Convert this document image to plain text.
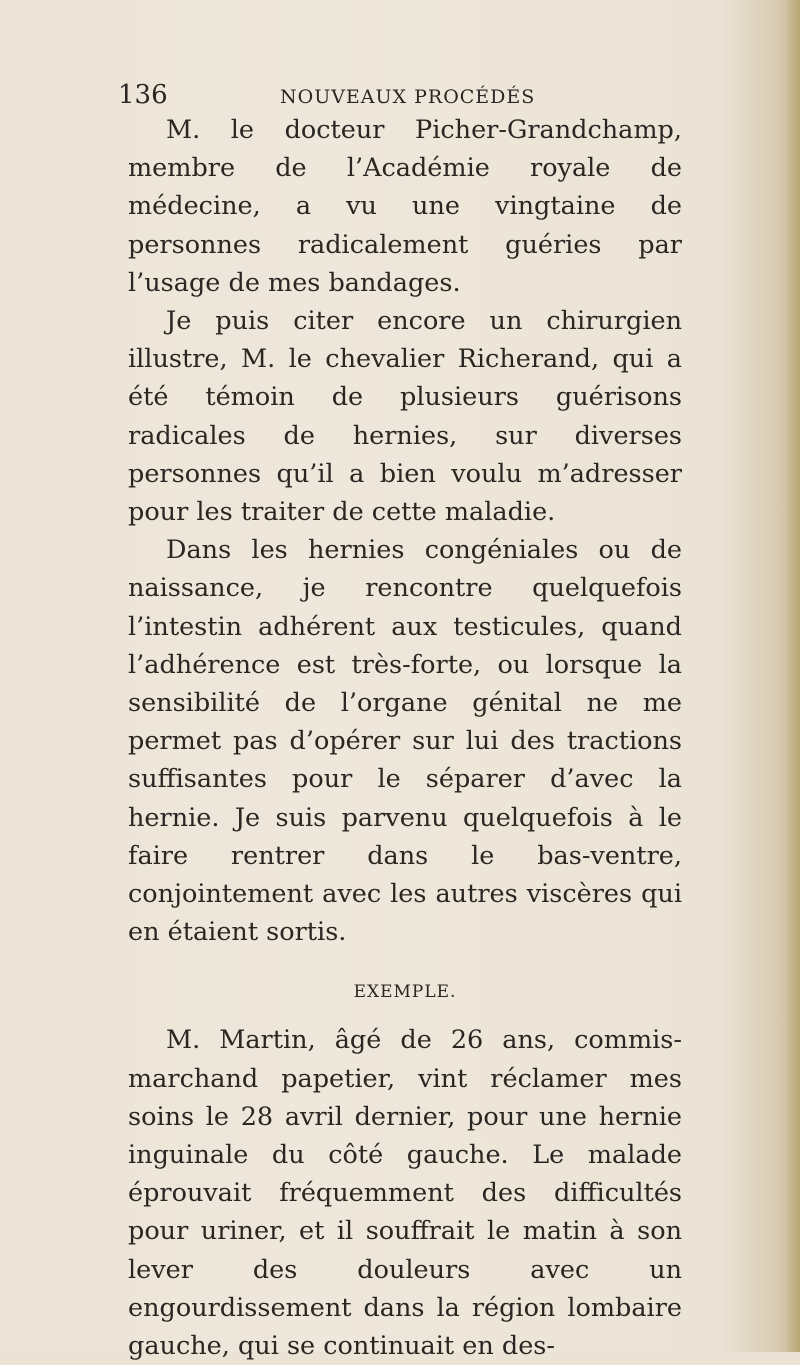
136	NOUVEAUX PROCÉDÉS

M. le docteur Picher-Grandchamp, membre de l’Académie royale de médecine, a vu une vingtaine de personnes radicalement guéries par l’usage de mes bandages.

Je puis citer encore un chirurgien illustre, M. le chevalier Richerand, qui a été témoin de plusieurs guérisons radicales de hernies, sur diverses personnes qu’il a bien voulu m’adresser pour les traiter de cette maladie.

Dans les hernies congéniales ou de naissance, je rencontre quelquefois l’intestin adhérent aux testicules, quand l’adhérence est très-forte, ou lorsque la sensibilité de l’organe génital ne me permet pas d’opérer sur lui des tractions suffisantes pour le séparer d’avec la hernie. Je suis parvenu quelquefois à le faire rentrer dans le bas-ventre, conjointement avec les autres viscères qui en étaient sortis.

EXEMPLE.

M. Martin, âgé de 26 ans, commis-marchand papetier, vint réclamer mes soins le 28 avril dernier, pour une hernie inguinale du côté gauche. Le malade éprouvait fréquemment des difficultés pour uriner, et il souffrait le matin à son lever des douleurs avec un engourdissement dans la région lombaire gauche, qui se continuait en des-
